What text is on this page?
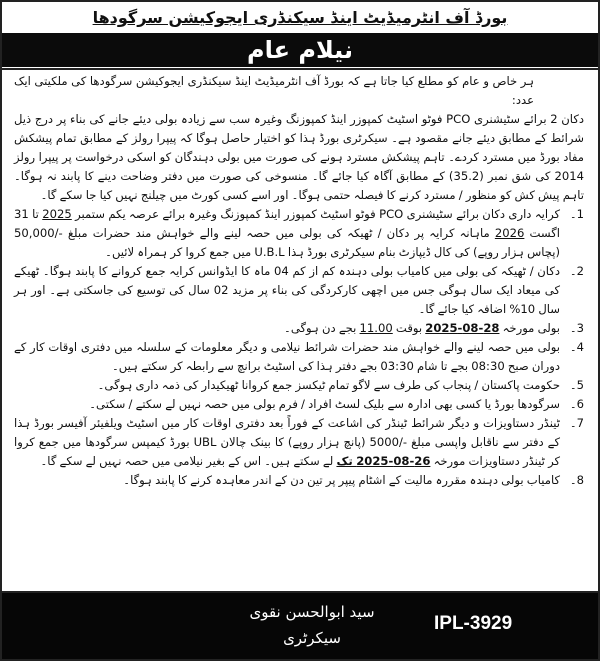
بورڈ آف انٹرمیڈیٹ اینڈ سیکنڈری ایجوکیشن سرگودھا
نیلام عام

ہر خاص و عام کو مطلع کیا جاتا ہے کہ بورڈ آف انٹرمیڈیٹ اینڈ سیکنڈری ایجوکیشن سرگودھا کی ملکیتی ایک عدد:
دکان 2 برائے سٹیشنری PCO فوٹو اسٹیٹ کمپوزر اینڈ کمپوزنگ وغیرہ سب سے زیادہ بولی دیئے جانے کی بناء پر درج ذیل شرائط کے مطابق دیئے جانے مقصود ہے۔ سیکرٹری بورڈ ہذا کو اختیار حاصل ہوگا کہ پیپرا رولز کے مطابق تمام پیشکش مفاد بورڈ میں مسترد کردے۔ تاہم پیشکش مسترد ہونے کی صورت میں بولی دہندگان کو اسکی درخواست پر پیپرا رولز 2014 کی شق نمبر (35.2) کے مطابق آگاہ کیا جائے گا۔ منسوخی کی صورت میں دفتر وضاحت دینے کا پابند نہ ہوگا۔ تاہم پیش کش کو منظور / مسترد کرنے کا فیصلہ حتمی ہوگا۔ اور اسے کسی کورٹ میں چیلنج نہیں کیا جا سکے گا۔

1۔
کرایہ داری دکان برائے سٹیشنری PCO فوٹو اسٹیٹ کمپوزر اینڈ کمپوزنگ وغیرہ برائے عرصہ یکم ستمبر 2025 تا 31 اگست 2026 ماہانہ کرایہ پر دکان / ٹھیکہ کی بولی میں حصہ لینے والے خواہش مند حضرات مبلغ -/50,000 (پچاس ہزار روپے) کی کال ڈیپازٹ بنام سیکرٹری بورڈ ہذا U.B.L میں جمع کروا کر ہمراہ لائیں۔
2۔
دکان / ٹھیکہ کی بولی میں کامیاب بولی دہندہ کم از کم 04 ماہ کا ایڈوانس کرایہ جمع کروانے کا پابند ہوگا۔ ٹھیکے کی میعاد ایک سال ہوگی جس میں اچھی کارکردگی کی بناء پر مزید 02 سال کی توسیع کی جاسکتی ہے۔ اور ہر سال 10% اضافہ کیا جائے گا۔
3۔
بولی مورخہ 28-08-2025 بوقت 11.00 بجے دن ہوگی۔
4۔
بولی میں حصہ لینے والے خواہش مند حضرات شرائط نیلامی و دیگر معلومات کے سلسلہ میں دفتری اوقات کار کے دوران صبح 08:30 بجے تا شام 03:30 بجے دفتر ہذا کی اسٹیٹ برانچ سے رابطہ کر سکتے ہیں۔
5۔
حکومت پاکستان / پنجاب کی طرف سے لاگو تمام ٹیکسز جمع کروانا ٹھیکیدار کی ذمہ داری ہوگی۔
6۔
سرگودھا بورڈ یا کسی بھی ادارہ سے بلیک لسٹ افراد / فرم بولی میں حصہ نہیں لے سکتے / سکتی۔
7۔
ٹینڈر دستاویزات و دیگر شرائط ٹینڈر کی اشاعت کے فوراً بعد دفتری اوقات کار میں اسٹیٹ ویلفیئر آفیسر بورڈ ہذا کے دفتر سے ناقابل واپسی مبلغ -/5000 (پانچ ہزار روپے) کا بینک چالان UBL بورڈ کیمپس سرگودھا میں جمع کروا کر ٹینڈر دستاویزات مورخہ 26-08-2025 تک لے سکتے ہیں۔ اس کے بغیر نیلامی میں حصہ نہیں لے سکے گا۔
8۔
کامیاب بولی دہندہ مقررہ مالیت کے اشٹام پیپر پر تین دن کے اندر معاہدہ کرنے کا پابند ہوگا۔
سید ابوالحسن نقوی
سیکرٹری
IPL-3929
